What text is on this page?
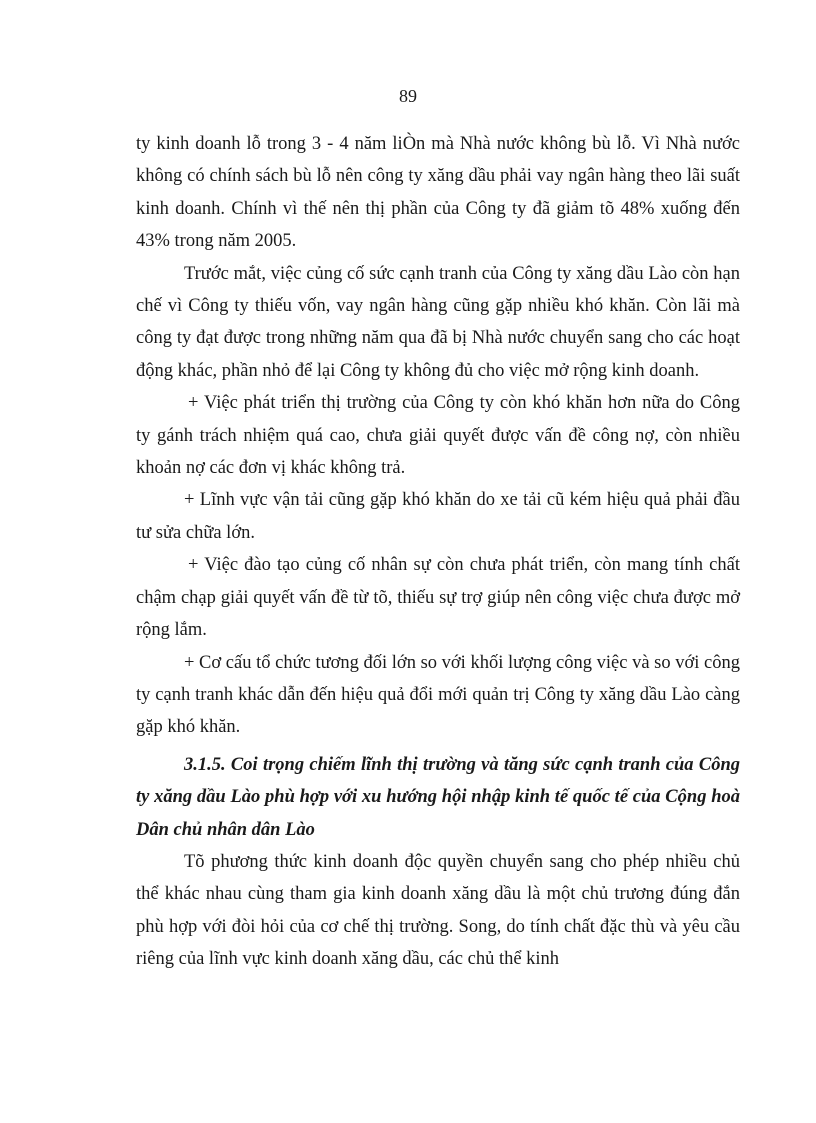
89

ty kinh doanh lỗ trong 3 - 4 năm liÒn mà Nhà nước không bù lỗ. Vì Nhà nước không có chính sách bù lỗ nên công ty xăng dầu phải vay ngân hàng theo lãi suất kinh doanh. Chính vì thế nên thị phần của Công ty đã giảm tõ 48% xuống đến 43% trong năm 2005.

Trước mắt, việc củng cố sức cạnh tranh của Công ty xăng dầu Lào còn hạn chế vì Công ty thiếu vốn, vay ngân hàng cũng gặp nhiều khó khăn. Còn lãi mà công ty đạt được trong những năm qua đã bị Nhà nước chuyển sang cho các hoạt động khác, phần nhỏ để lại Công ty không đủ cho việc mở rộng kinh doanh.

+ Việc phát triển thị trường của Công ty còn khó khăn hơn nữa do Công ty gánh trách nhiệm quá cao, chưa giải quyết được vấn đề công nợ, còn nhiều khoản nợ các đơn vị khác không trả.

+ Lĩnh vực vận tải cũng gặp khó khăn do xe tải cũ kém hiệu quả phải đầu tư sửa chữa lớn.

+ Việc đào tạo củng cố nhân sự còn chưa phát triển, còn mang tính chất chậm chạp giải quyết vấn đề từ tõ, thiếu sự trợ giúp nên công việc chưa được mở rộng lắm.

+ Cơ cấu tổ chức tương đối lớn so với khối lượng công việc và so với công ty cạnh tranh khác dẫn đến hiệu quả đổi mới quản trị Công ty xăng dầu Lào càng gặp khó khăn.

3.1.5. Coi trọng chiếm lĩnh thị trường và tăng sức cạnh tranh của Công ty xăng dầu Lào phù hợp với xu hướng hội nhập kinh tế quốc tế của Cộng hoà Dân chủ nhân dân Lào

Tõ phương thức kinh doanh độc quyền chuyển sang cho phép nhiều chủ thể khác nhau cùng tham gia kinh doanh xăng dầu là một chủ trương đúng đắn phù hợp với đòi hỏi của cơ chế thị trường. Song, do tính chất đặc thù và yêu cầu riêng của lĩnh vực kinh doanh xăng dầu, các chủ thể kinh
